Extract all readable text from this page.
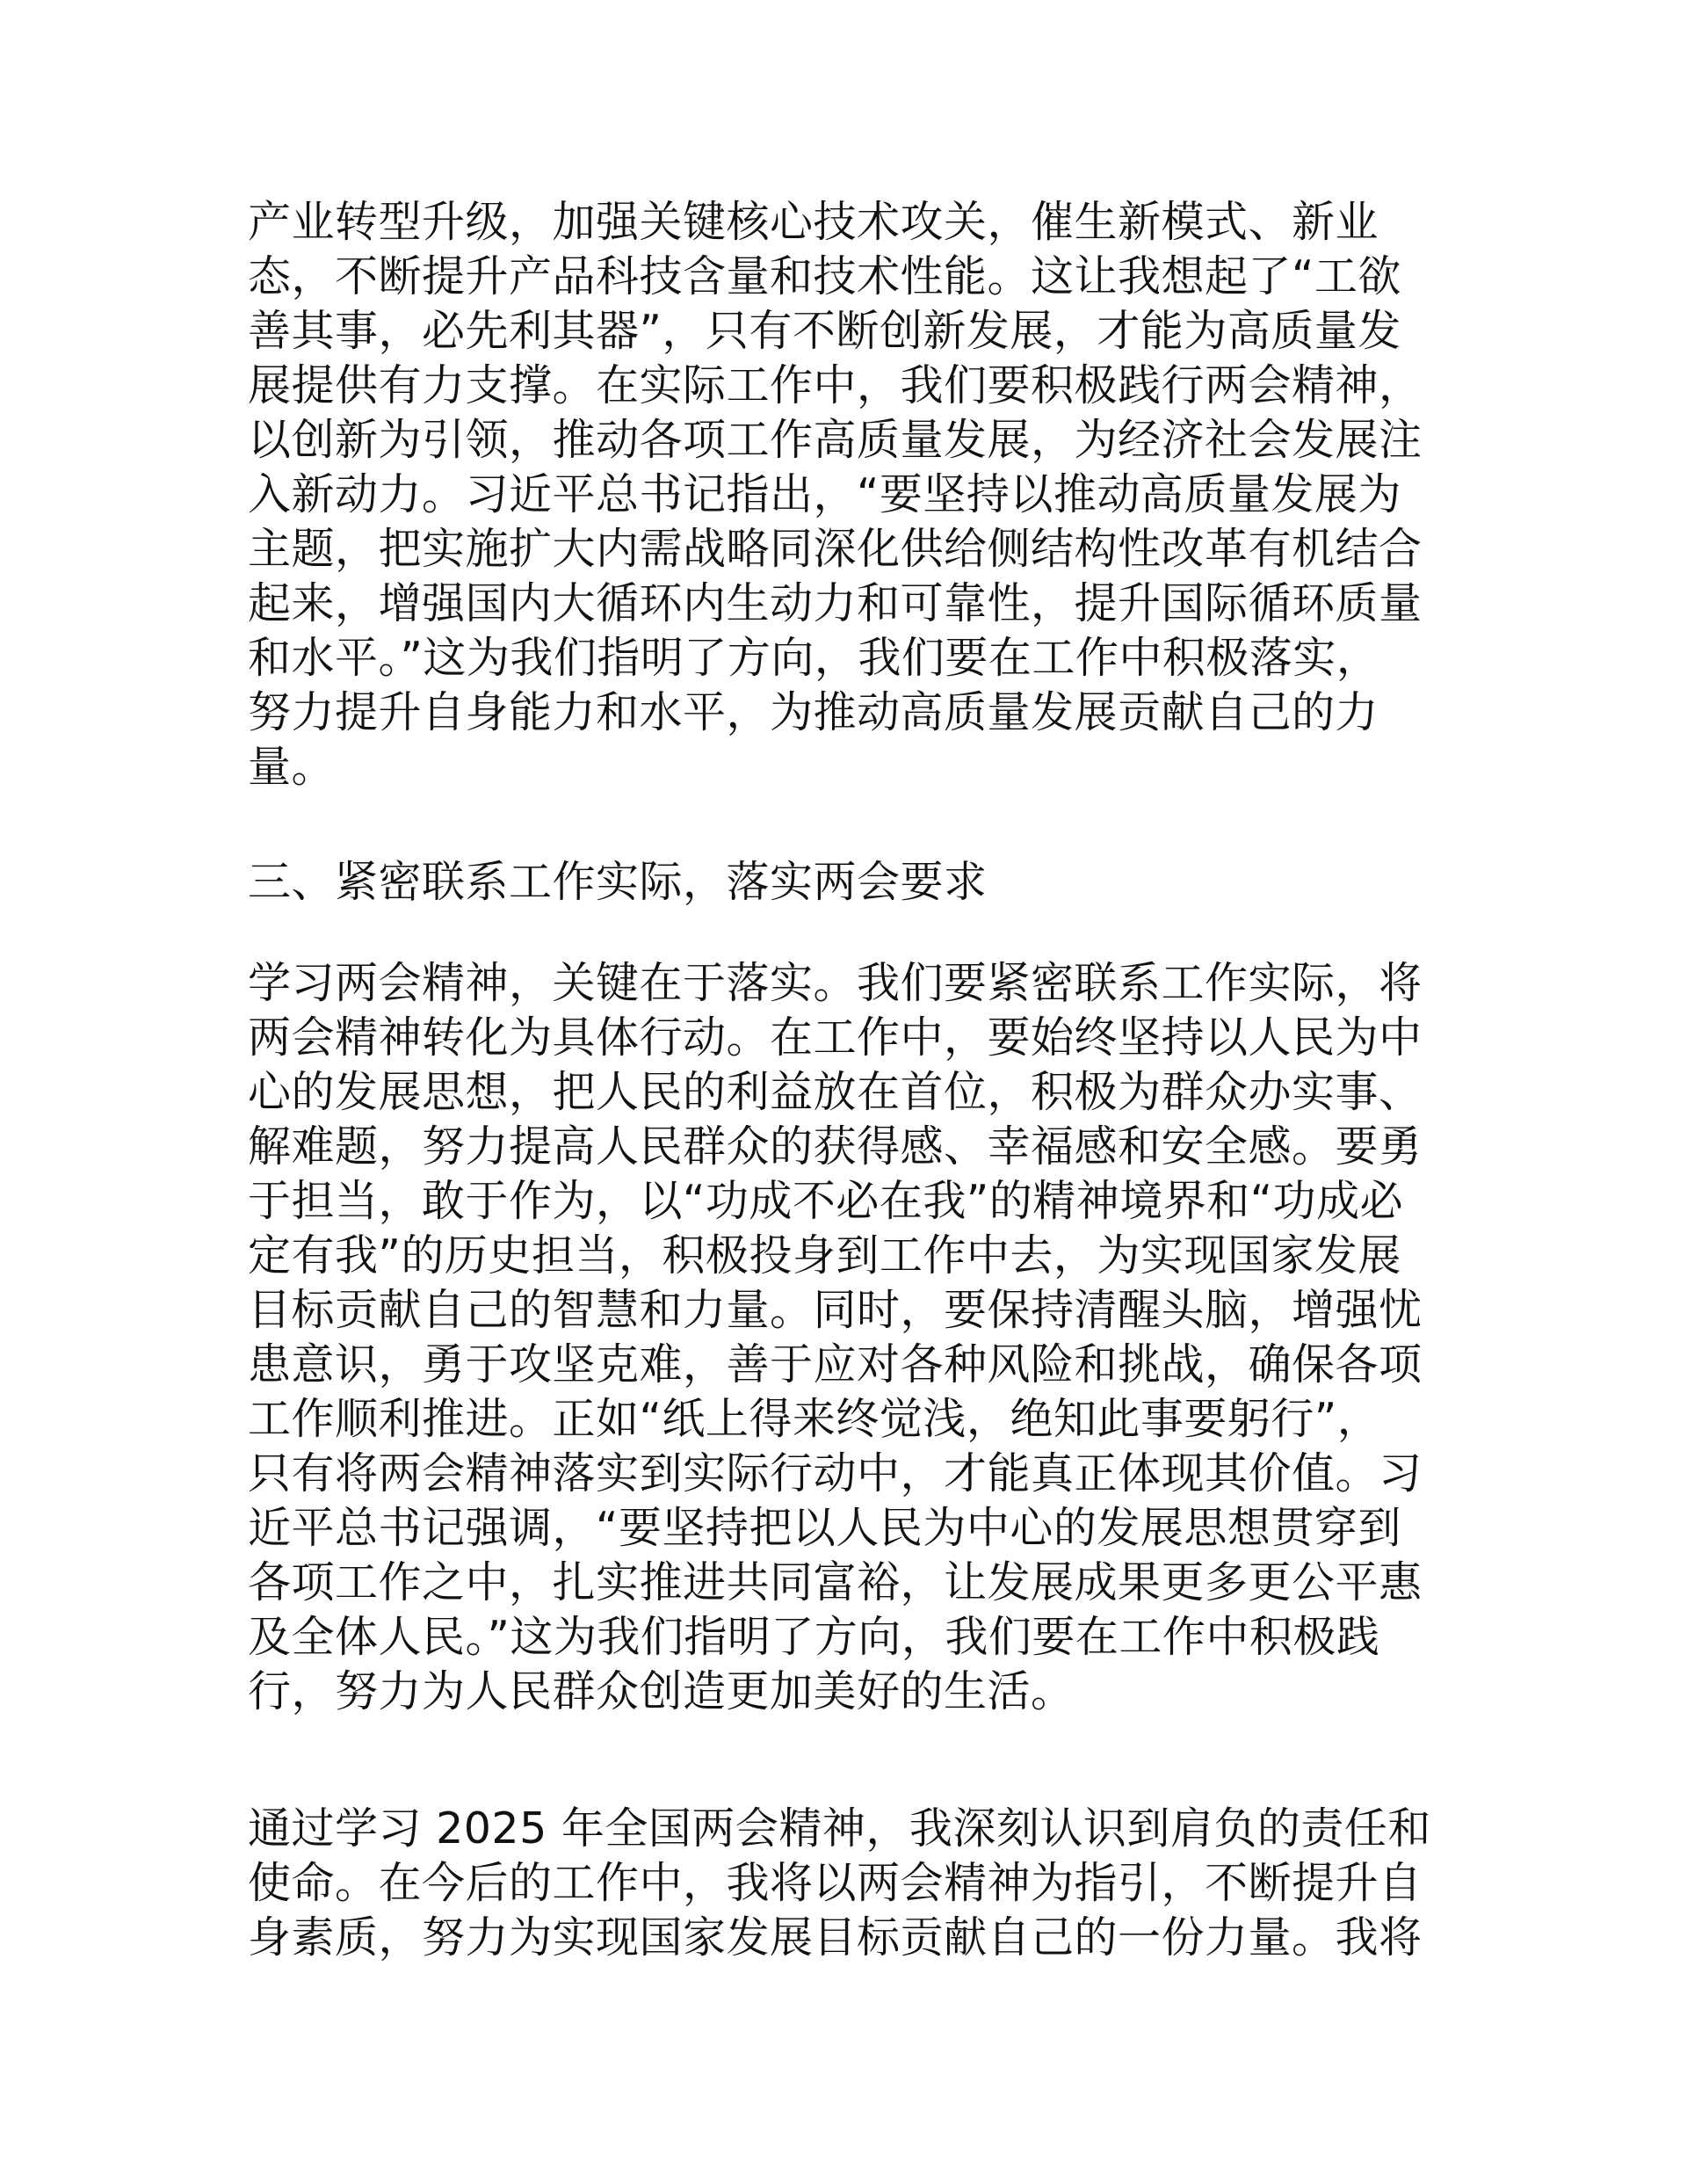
产业转型升级，加强关键核心技术攻关，催生新模式、新业
态，不断提升产品科技含量和技术性能。这让我想起了“工欲
善其事，必先利其器”，只有不断创新发展，才能为高质量发
展提供有力支撑。在实际工作中，我们要积极践行两会精神，
以创新为引领，推动各项工作高质量发展，为经济社会发展注
入新动力。习近平总书记指出，“要坚持以推动高质量发展为
主题，把实施扩大内需战略同深化供给侧结构性改革有机结合
起来，增强国内大循环内生动力和可靠性，提升国际循环质量
和水平。”这为我们指明了方向，我们要在工作中积极落实，
努力提升自身能力和水平，为推动高质量发展贡献自己的力
量。
三、紧密联系工作实际，落实两会要求
学习两会精神，关键在于落实。我们要紧密联系工作实际，将
两会精神转化为具体行动。在工作中，要始终坚持以人民为中
心的发展思想，把人民的利益放在首位，积极为群众办实事、
解难题，努力提高人民群众的获得感、幸福感和安全感。要勇
于担当，敢于作为，以“功成不必在我”的精神境界和“功成必
定有我”的历史担当，积极投身到工作中去，为实现国家发展
目标贡献自己的智慧和力量。同时，要保持清醒头脑，增强忧
患意识，勇于攻坚克难，善于应对各种风险和挑战，确保各项
工作顺利推进。正如“纸上得来终觉浅，绝知此事要躬行”，
只有将两会精神落实到实际行动中，才能真正体现其价值。习
近平总书记强调，“要坚持把以人民为中心的发展思想贯穿到
各项工作之中，扎实推进共同富裕，让发展成果更多更公平惠
及全体人民。”这为我们指明了方向，我们要在工作中积极践
行，努力为人民群众创造更加美好的生活。
通过学习 2025 年全国两会精神，我深刻认识到肩负的责任和
使命。在今后的工作中，我将以两会精神为指引，不断提升自
身素质，努力为实现国家发展目标贡献自己的一份力量。我将
